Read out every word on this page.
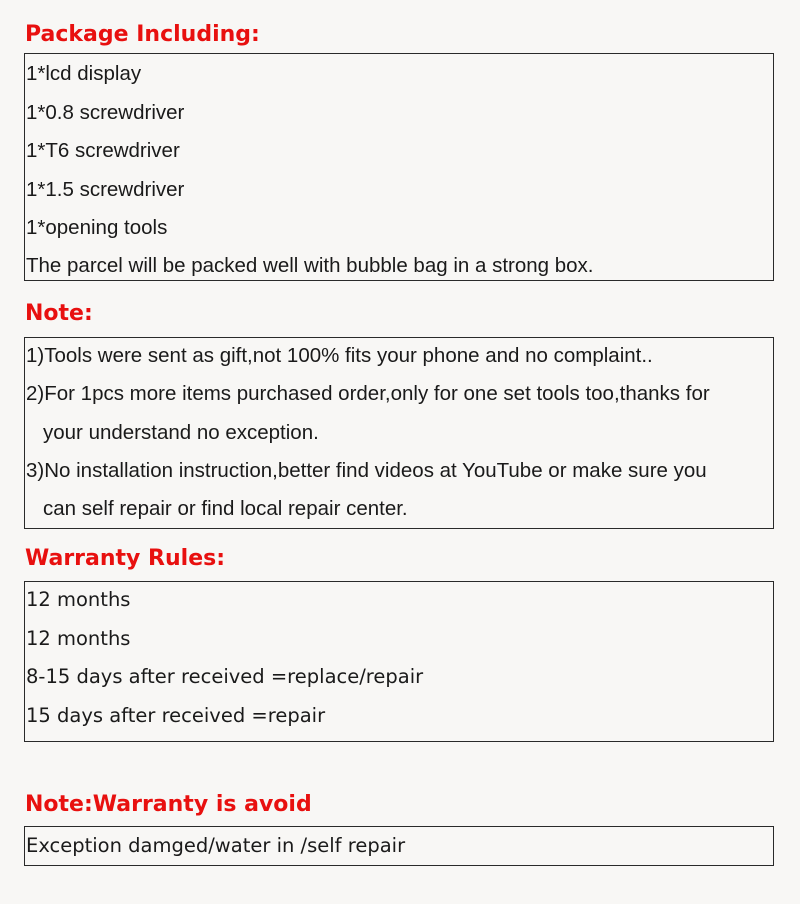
Package Including:
1*lcd display
1*0.8 screwdriver
1*T6 screwdriver
1*1.5 screwdriver
1*opening tools
The parcel will be packed well with bubble bag in a strong box.
Note:
1)Tools were sent as gift,not 100% fits your phone and no complaint..
2)For 1pcs more items purchased order,only for one set tools too,thanks for
your understand no exception.
3)No installation instruction,better find videos at YouTube or make sure you
can self repair or find local repair center.
Warranty Rules:
12 months
12 months
8-15 days after received =replace/repair
15 days after received =repair
Note:Warranty is avoid
Exception damged/water in /self repair
